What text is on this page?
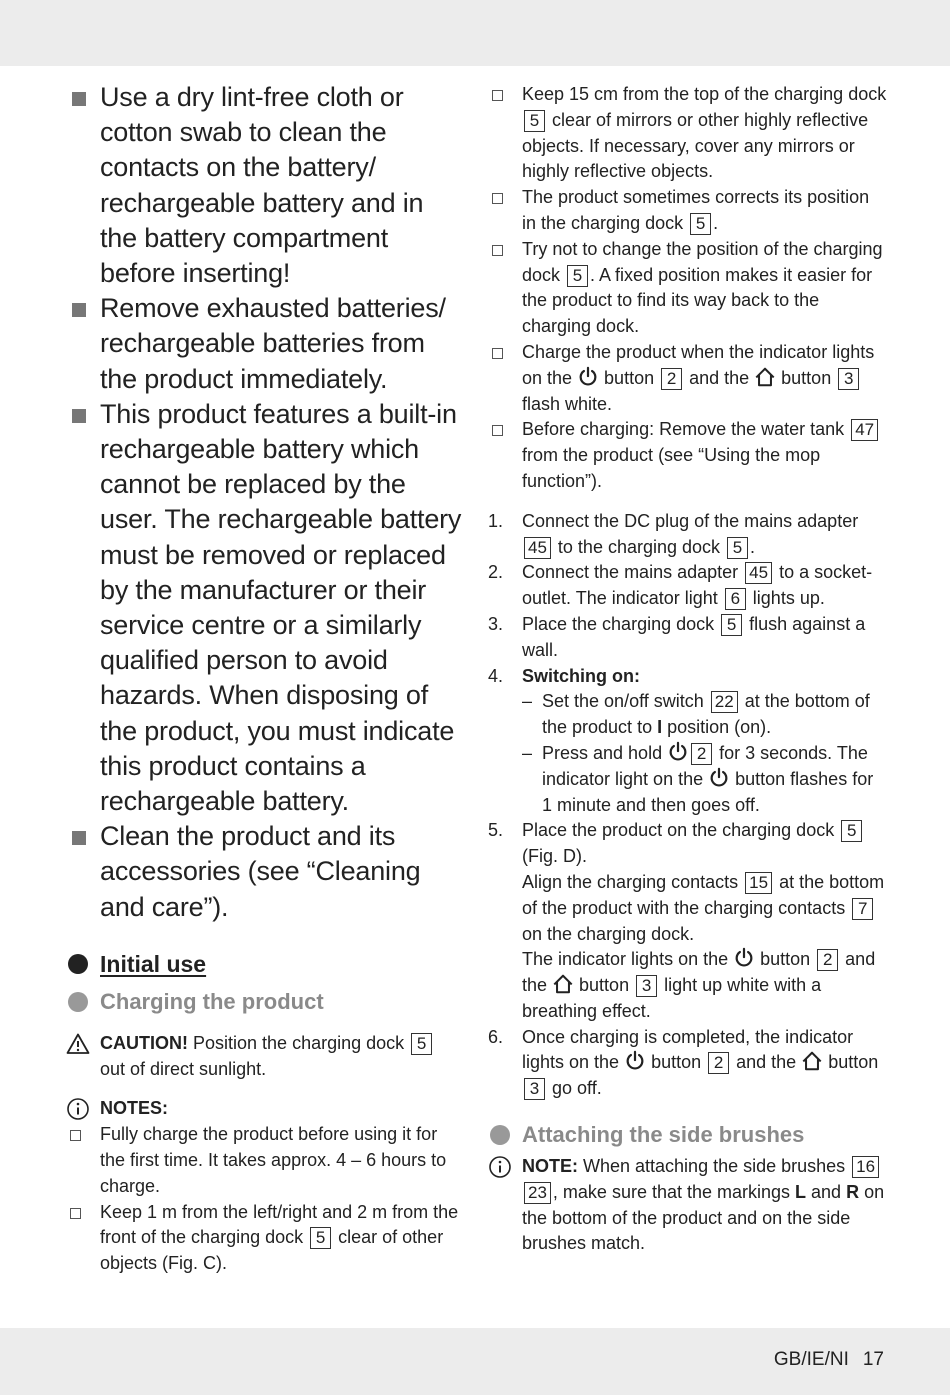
Use a dry lint-free cloth or cotton swab to clean the contacts on the battery/ rechargeable battery and in the battery compartment before inserting!
Remove exhausted batteries/ rechargeable batteries from the product immediately.
This product features a built-in rechargeable battery which cannot be replaced by the user. The rechargeable battery must be removed or replaced by the manufacturer or their service centre or a similarly qualified person to avoid hazards. When disposing of the product, you must indicate this product contains a rechargeable battery.
Clean the product and its accessories (see “Cleaning and care”).
Initial use
Charging the product
CAUTION! Position the charging dock 5 out of direct sunlight.
NOTES:
Fully charge the product before using it for the first time. It takes approx. 4 – 6 hours to charge.
Keep 1 m from the left/right and 2 m from the front of the charging dock 5 clear of other objects (Fig. C).
Keep 15 cm from the top of the charging dock 5 clear of mirrors or other highly reflective objects. If necessary, cover any mirrors or highly reflective objects.
The product sometimes corrects its position in the charging dock 5 .
Try not to change the position of the charging dock 5 . A fixed position makes it easier for the product to find its way back to the charging dock.
Charge the product when the indicator lights on the  button 2 and the  button 3 flash white.
Before charging: Remove the water tank 47 from the product (see “Using the mop function”).
1. Connect the DC plug of the mains adapter 45 to the charging dock 5 .
2. Connect the mains adapter 45 to a socket-outlet. The indicator light 6 lights up.
3. Place the charging dock 5 flush against a wall.
4. Switching on:
– Set the on/off switch 22 at the bottom of the product to I position (on).
– Press and hold 2 for 3 seconds. The indicator light on the  button flashes for 1 minute and then goes off.
5. Place the product on the charging dock 5 (Fig. D).
Align the charging contacts 15 at the bottom of the product with the charging contacts 7 on the charging dock.
The indicator lights on the  button 2 and the  button 3 light up white with a breathing effect.
6. Once charging is completed, the indicator lights on the  button 2 and the  button 3 go off.
Attaching the side brushes
NOTE: When attaching the side brushes 1623 , make sure that the markings L and R on the bottom of the product and on the side brushes match.
GB/IE/NI 17
